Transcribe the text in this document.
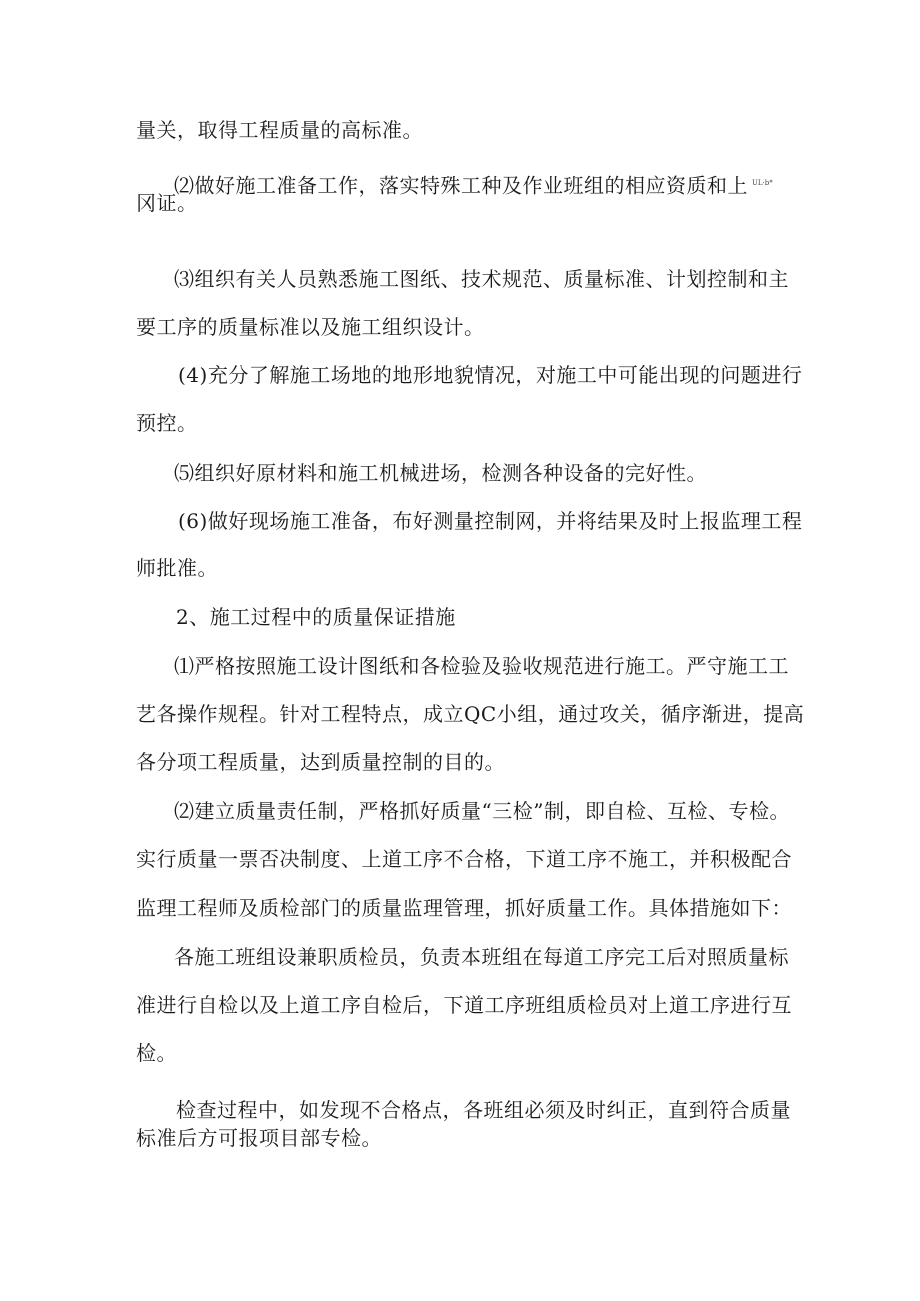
量关，取得工程质量的高标准。
⑵做好施工准备工作，落实特殊工种及作业班组的相应资质和上 $^{UL\cdot b*}$
冈证。
⑶组织有关人员熟悉施工图纸、技术规范、质量标准、计划控制和主
要工序的质量标准以及施工组织设计。
(4)充分了解施工场地的地形地貌情况，对施工中可能出现的问题进行
预控。
⑸组织好原材料和施工机械进场，检测各种设备的完好性。
(6)做好现场施工准备，布好测量控制网，并将结果及时上报监理工程
师批准。
2、施工过程中的质量保证措施
⑴严格按照施工设计图纸和各检验及验收规范进行施工。严守施工工
艺各操作规程。针对工程特点，成立QC小组，通过攻关，循序渐进，提高
各分项工程质量，达到质量控制的目的。
⑵建立质量责任制，严格抓好质量“三检”制，即自检、互检、专检。
实行质量一票否决制度、上道工序不合格，下道工序不施工，并积极配合
监理工程师及质检部门的质量监理管理，抓好质量工作。具体措施如下：
各施工班组设兼职质检员，负责本班组在每道工序完工后对照质量标
准进行自检以及上道工序自检后，下道工序班组质检员对上道工序进行互
检。
检查过程中，如发现不合格点，各班组必须及时纠正，直到符合质量
标准后方可报项目部专检。
